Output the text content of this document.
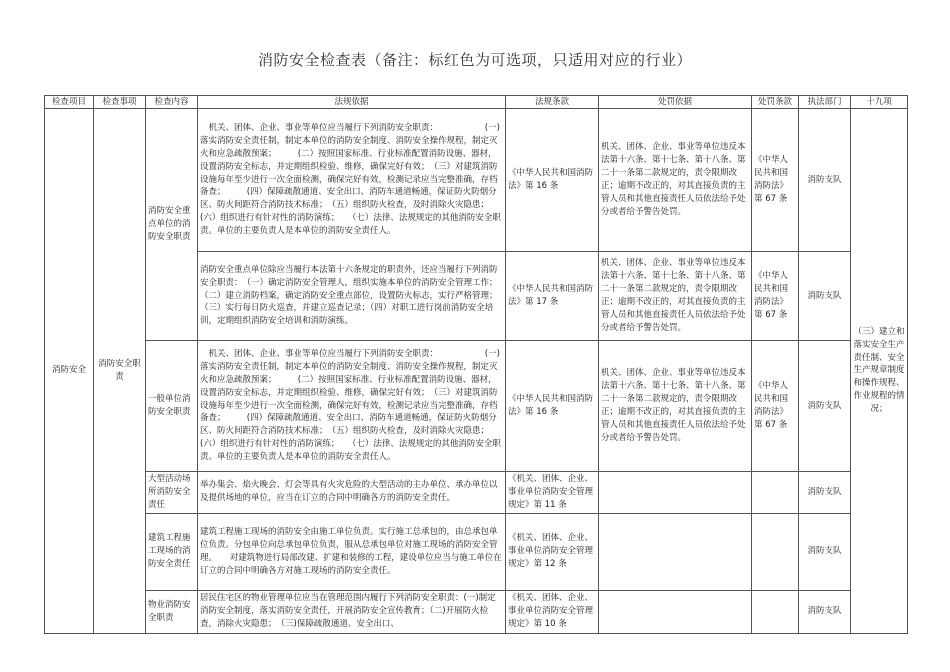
消防安全检查表（备注：标红色为可选项，只适用对应的行业）
检查项目	检查事项	检查内容	法规依据	法规条款	处罚依据	处罚条款	执法部门	十九项
消防安全	消防安全职责	消防安全重点单位的消防安全职责	　机关、团体、企业、事业等单位应当履行下列消防安全职责：　　　　　　(一)落实消防安全责任制，制定本单位的消防安全制度、消防安全操作规程，制定灭火和应急疏散预案；　　　(二）按照国家标准、行业标准配置消防设施、器材，设置消防安全标志，并定期组织检验、维修，确保完好有效；　（三）对建筑消防设施每年至少进行一次全面检测，确保完好有效，检测记录应当完整准确，存档备查；　　　(四）保障疏散通道、安全出口、消防车通道畅通，保证防火防烟分区、防火间距符合消防技术标准；　（五）组织防火检查，及时消除火灾隐患；　　　(六）组织进行有针对性的消防演练；　　（七）法律、法规规定的其他消防安全职责。单位的主要负责人是本单位的消防安全责任人。	《中华人民共和国消防法》第 16 条	机关、团体、企业、事业等单位违反本法第十六条、第十七条、第十八条、第二十一条第二款规定的，责令限期改正；逾期不改正的，对其直接负责的主管人员和其他直接责任人员依法给予处分或者给予警告处罚。	《中华人民共和国消防法》第 67 条	消防支队	（三）建立和落实安全生产责任制、安全生产规章制度和操作规程、作业规程的情况；
			消防安全重点单位除应当履行本法第十六条规定的职责外，还应当履行下列消防安全职责：　（一）确定消防安全管理人，组织实施本单位的消防安全管理工作；　（二）建立消防档案，确定消防安全重点部位，设置防火标志，实行严格管理；　　（三）实行每日防火巡查，并建立巡查记录；（四）对职工进行岗前消防安全培训，定期组织消防安全培训和消防演练。	《中华人民共和国消防法》第 17 条	机关、团体、企业、事业等单位违反本法第十六条、第十七条、第十八条、第二十一条第二款规定的，责令限期改正；逾期不改正的，对其直接负责的主管人员和其他直接责任人员依法给予处分或者给予警告处罚。	《中华人民共和国消防法》第 67 条	消防支队	
		一般单位消防安全职责	　机关、团体、企业、事业等单位应当履行下列消防安全职责：　　　　　　(一)落实消防安全责任制，制定本单位的消防安全制度、消防安全操作规程，制定灭火和应急疏散预案；　　　(二）按照国家标准、行业标准配置消防设施、器材，设置消防安全标志，并定期组织检验、维修，确保完好有效；　（三）对建筑消防设施每年至少进行一次全面检测，确保完好有效，检测记录应当完整准确，存档备查；　　　(四）保障疏散通道、安全出口、消防车通道畅通，保证防火防烟分区、防火间距符合消防技术标准；　（五）组织防火检查，及时消除火灾隐患；　　　(六）组织进行有针对性的消防演练；　　（七）法律、法规规定的其他消防安全职责。单位的主要负责人是本单位的消防安全责任人。	《中华人民共和国消防法》第 16 条	机关、团体、企业、事业等单位违反本法第十六条、第十七条、第十八条、第二十一条第二款规定的，责令限期改正；逾期不改正的，对其直接负责的主管人员和其他直接责任人员依法给予处分或者给予警告处罚。	《中华人民共和国消防法》第 67 条	消防支队	
		大型活动场所消防安全责任	举办集会、焰火晚会、灯会等具有火灾危险的大型活动的主办单位、承办单位以及提供场地的单位，应当在订立的合同中明确各方的消防安全责任。	《机关、团体、企业、事业单位消防安全管理规定》第 11 条			消防支队	
		建筑工程施工现场的消防安全责任	建筑工程施工现场的消防安全由施工单位负责。实行施工总承包的，由总承包单位负责。分包单位向总承包单位负责，服从总承包单位对施工现场的消防安全管理。　　对建筑物进行局部改建、扩建和装修的工程，建设单位应当与施工单位在订立的合同中明确各方对施工现场的消防安全责任。	《机关、团体、企业、事业单位消防安全管理规定》第 12 条			消防支队	
		物业消防安全职责	居民住宅区的物业管理单位应当在管理范围内履行下列消防安全职责：(一)制定消防安全制度，落实消防安全责任，开展消防安全宣传教育；（二)开展防火检查，消除火灾隐患；　（三)保障疏散通道、安全出口、	《机关、团体、企业、事业单位消防安全管理规定》第 10 条			消防支队	
